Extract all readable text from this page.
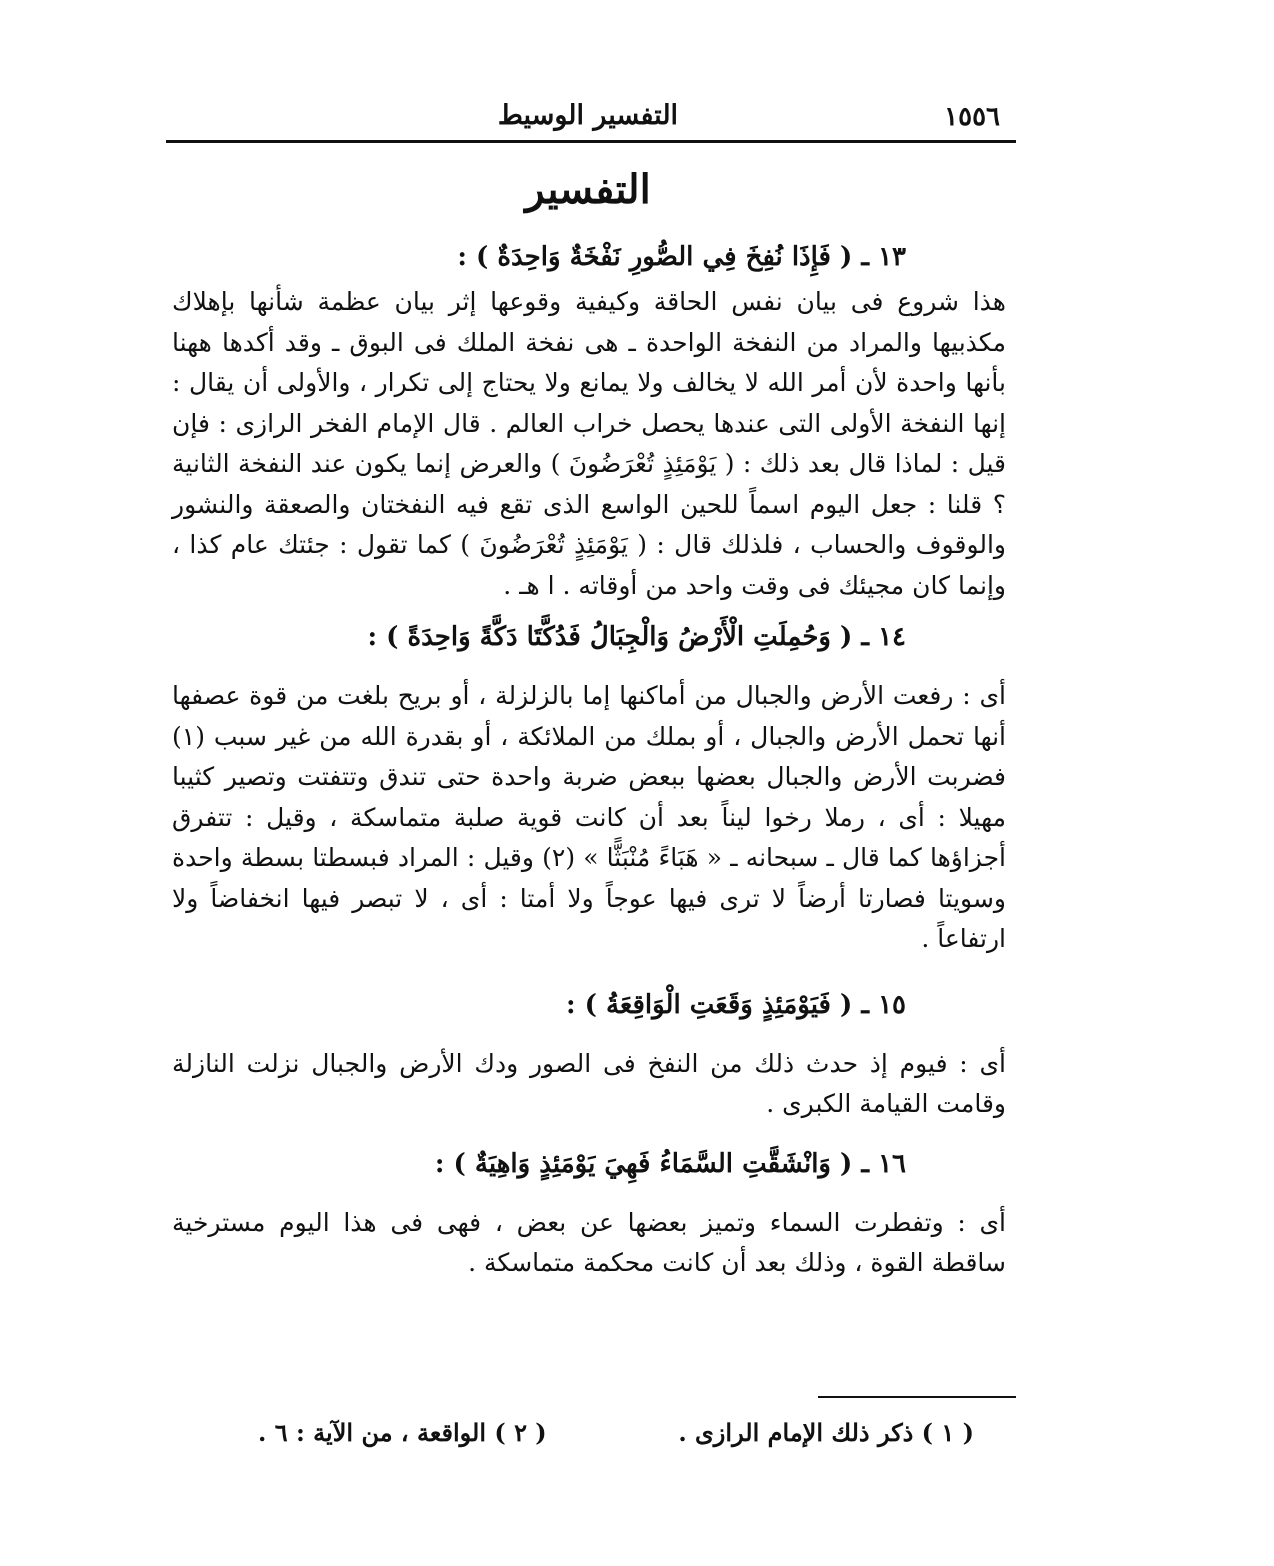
١٥٥٦
التفسير الوسيط
التفسير

١٣ ـ ( فَإِذَا نُفِخَ فِي الصُّورِ نَفْخَةٌ وَاحِدَةٌ ) :

هذا شروع فى بيان نفس الحاقة وكيفية وقوعها إثر بيان عظمة شأنها بإهلاك مكذبيها والمراد من النفخة الواحدة ـ هى نفخة الملك فى البوق ـ وقد أكدها ههنا بأنها واحدة لأن أمر الله لا يخالف ولا يمانع ولا يحتاج إلى تكرار ، والأولى أن يقال : إنها النفخة الأولى التى عندها يحصل خراب العالم . قال الإمام الفخر الرازى : فإن قيل : لماذا قال بعد ذلك : ( يَوْمَئِذٍ تُعْرَضُونَ ) والعرض إنما يكون عند النفخة الثانية ؟ قلنا : جعل اليوم اسماً للحين الواسع الذى تقع فيه النفختان والصعقة والنشور والوقوف والحساب ، فلذلك قال : ( يَوْمَئِذٍ تُعْرَضُونَ ) كما تقول : جئتك عام كذا ، وإنما كان مجيئك فى وقت واحد من أوقاته . ا هـ .

١٤ ـ ( وَحُمِلَتِ الْأَرْضُ وَالْجِبَالُ فَدُكَّتَا دَكَّةً وَاحِدَةً ) :

أى : رفعت الأرض والجبال من أماكنها إما بالزلزلة ، أو بريح بلغت من قوة عصفها أنها تحمل الأرض والجبال ، أو بملك من الملائكة ، أو بقدرة الله من غير سبب (١) فضربت الأرض والجبال بعضها ببعض ضربة واحدة حتى تندق وتتفتت وتصير كثيبا مهيلا : أى ، رملا رخوا ليناً بعد أن كانت قوية صلبة متماسكة ، وقيل : تتفرق أجزاؤها كما قال ـ سبحانه ـ « هَبَاءً مُنْبَثًّا » (٢) وقيل : المراد فبسطتا بسطة واحدة وسويتا فصارتا أرضاً لا ترى فيها عوجاً ولا أمتا : أى ، لا تبصر فيها انخفاضاً ولا ارتفاعاً .

١٥ ـ ( فَيَوْمَئِذٍ وَقَعَتِ الْوَاقِعَةُ ) :

أى : فيوم إذ حدث ذلك من النفخ فى الصور ودك الأرض والجبال نزلت النازلة وقامت القيامة الكبرى .

١٦ ـ ( وَانْشَقَّتِ السَّمَاءُ فَهِيَ يَوْمَئِذٍ وَاهِيَةٌ ) :

أى : وتفطرت السماء وتميز بعضها عن بعض ، فهى فى هذا اليوم مسترخية ساقطة القوة ، وذلك بعد أن كانت محكمة متماسكة .

( ١ ) ذكر ذلك الإمام الرازى .
( ٢ ) الواقعة ، من الآية : ٦ .
